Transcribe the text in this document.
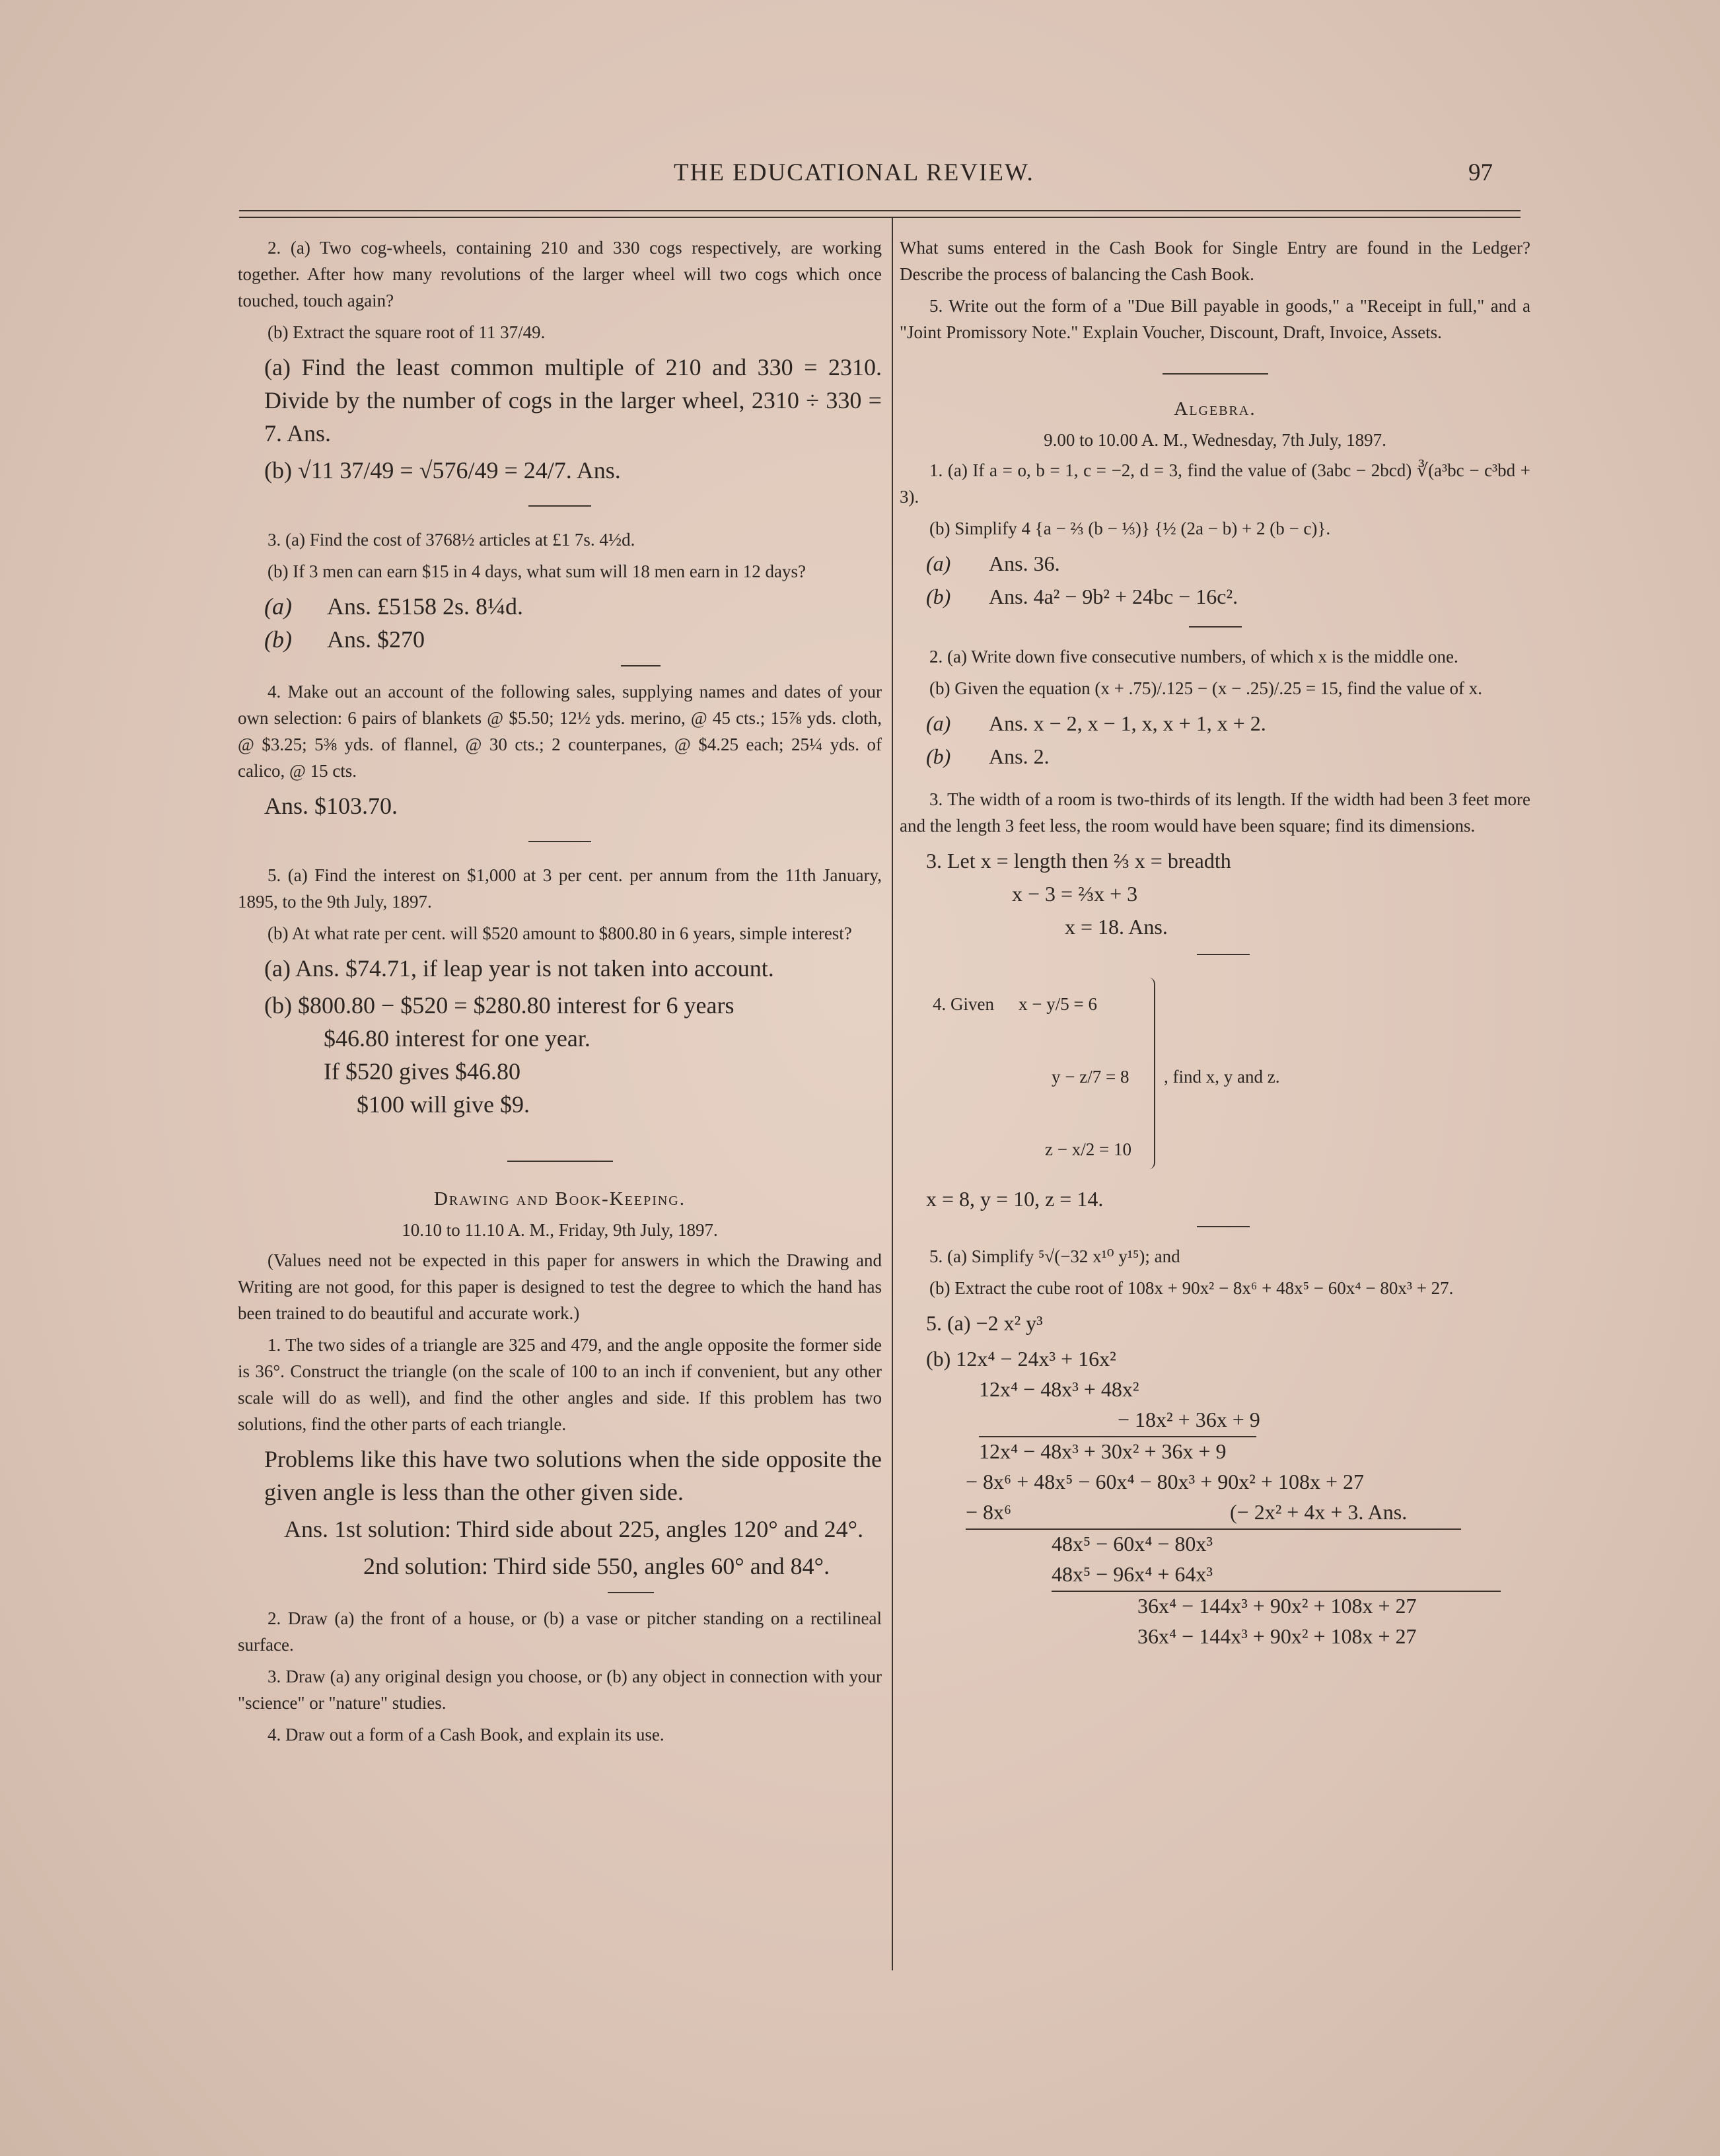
THE EDUCATIONAL REVIEW.	97

2. (a) Two cog-wheels, containing 210 and 330 cogs respectively, are working together. After how many revolutions of the larger wheel will two cogs which once touched, touch again?

(b) Extract the square root of 11 37/49.

(a) Find the least common multiple of 210 and 330 = 2310. Divide by the number of cogs in the larger wheel, 2310 ÷ 330 = 7. Ans.

(b) √11 37/49 = √576/49 = 24/7. Ans.

3. (a) Find the cost of 3768½ articles at £1 7s. 4½d.

(b) If 3 men can earn $15 in 4 days, what sum will 18 men earn in 12 days?

(a)	Ans. £5158 2s. 8¼d.
(b)	Ans. $270

4. Make out an account of the following sales, supplying names and dates of your own selection: 6 pairs of blankets @ $5.50; 12½ yds. merino, @ 45 cts.; 15⅞ yds. cloth, @ $3.25; 5⅜ yds. of flannel, @ 30 cts.; 2 counterpanes, @ $4.25 each; 25¼ yds. of calico, @ 15 cts.

Ans. $103.70.

5. (a) Find the interest on $1,000 at 3 per cent. per annum from the 11th January, 1895, to the 9th July, 1897.

(b) At what rate per cent. will $520 amount to $800.80 in 6 years, simple interest?

(a) Ans. $74.71, if leap year is not taken into account.

(b) $800.80 − $520 = $280.80 interest for 6 years

$46.80 interest for one year.

If $520 gives $46.80

$100 will give $9.

Drawing and Book-Keeping.

10.10 to 11.10 A. M., Friday, 9th July, 1897.

(Values need not be expected in this paper for answers in which the Drawing and Writing are not good, for this paper is designed to test the degree to which the hand has been trained to do beautiful and accurate work.)

1. The two sides of a triangle are 325 and 479, and the angle opposite the former side is 36°. Construct the triangle (on the scale of 100 to an inch if convenient, but any other scale will do as well), and find the other angles and side. If this problem has two solutions, find the other parts of each triangle.

Problems like this have two solutions when the side opposite the given angle is less than the other given side.

Ans. 1st solution: Third side about 225, angles 120° and 24°.

2nd solution: Third side 550, angles 60° and 84°.

2. Draw (a) the front of a house, or (b) a vase or pitcher standing on a rectilineal surface.

3. Draw (a) any original design you choose, or (b) any object in connection with your "science" or "nature" studies.

4. Draw out a form of a Cash Book, and explain its use.

What sums entered in the Cash Book for Single Entry are found in the Ledger? Describe the process of balancing the Cash Book.

5. Write out the form of a "Due Bill payable in goods," a "Receipt in full," and a "Joint Promissory Note." Explain Voucher, Discount, Draft, Invoice, Assets.

Algebra.

9.00 to 10.00 A. M., Wednesday, 7th July, 1897.

1. (a) If a = o, b = 1, c = −2, d = 3, find the value of (3abc − 2bcd) ∛(a³bc − c³bd + 3).

(b) Simplify 4 {a − ⅔ (b − ⅓)} {½ (2a − b) + 2 (b − c)}.

(a)	Ans. 36.
(b)	Ans. 4a² − 9b² + 24bc − 16c².

2. (a) Write down five consecutive numbers, of which x is the middle one.

(b) Given the equation (x + .75)/.125 − (x − .25)/.25 = 15, find the value of x.

(a)	Ans. x − 2, x − 1, x, x + 1, x + 2.
(b)	Ans. 2.

3. The width of a room is two-thirds of its length. If the width had been 3 feet more and the length 3 feet less, the room would have been square; find its dimensions.

3. Let x = length then ⅔ x = breadth

x − 3 = ⅔x + 3

x = 18. Ans.

4. Given x − y/5 = 6
y − z/7 = 8
z − x/2 = 10
, find x, y and z.

x = 8, y = 10, z = 14.

5. (a) Simplify ⁵√(−32 x¹⁰ y¹⁵); and

(b) Extract the cube root of 108x + 90x² − 8x⁶ + 48x⁵ − 60x⁴ − 80x³ + 27.

5. (a) −2 x² y³

(b) 12x⁴ − 24x³ + 16x²
12x⁴ − 48x³ + 48x²
− 18x² + 36x + 9
12x⁴ − 48x³ + 30x² + 36x + 9
− 8x⁶ + 48x⁵ − 60x⁴ − 80x³ + 90x² + 108x + 27
− 8x⁶	(− 2x² + 4x + 3. Ans.
48x⁵ − 60x⁴ − 80x³
48x⁵ − 96x⁴ + 64x³
36x⁴ − 144x³ + 90x² + 108x + 27
36x⁴ − 144x³ + 90x² + 108x + 27
